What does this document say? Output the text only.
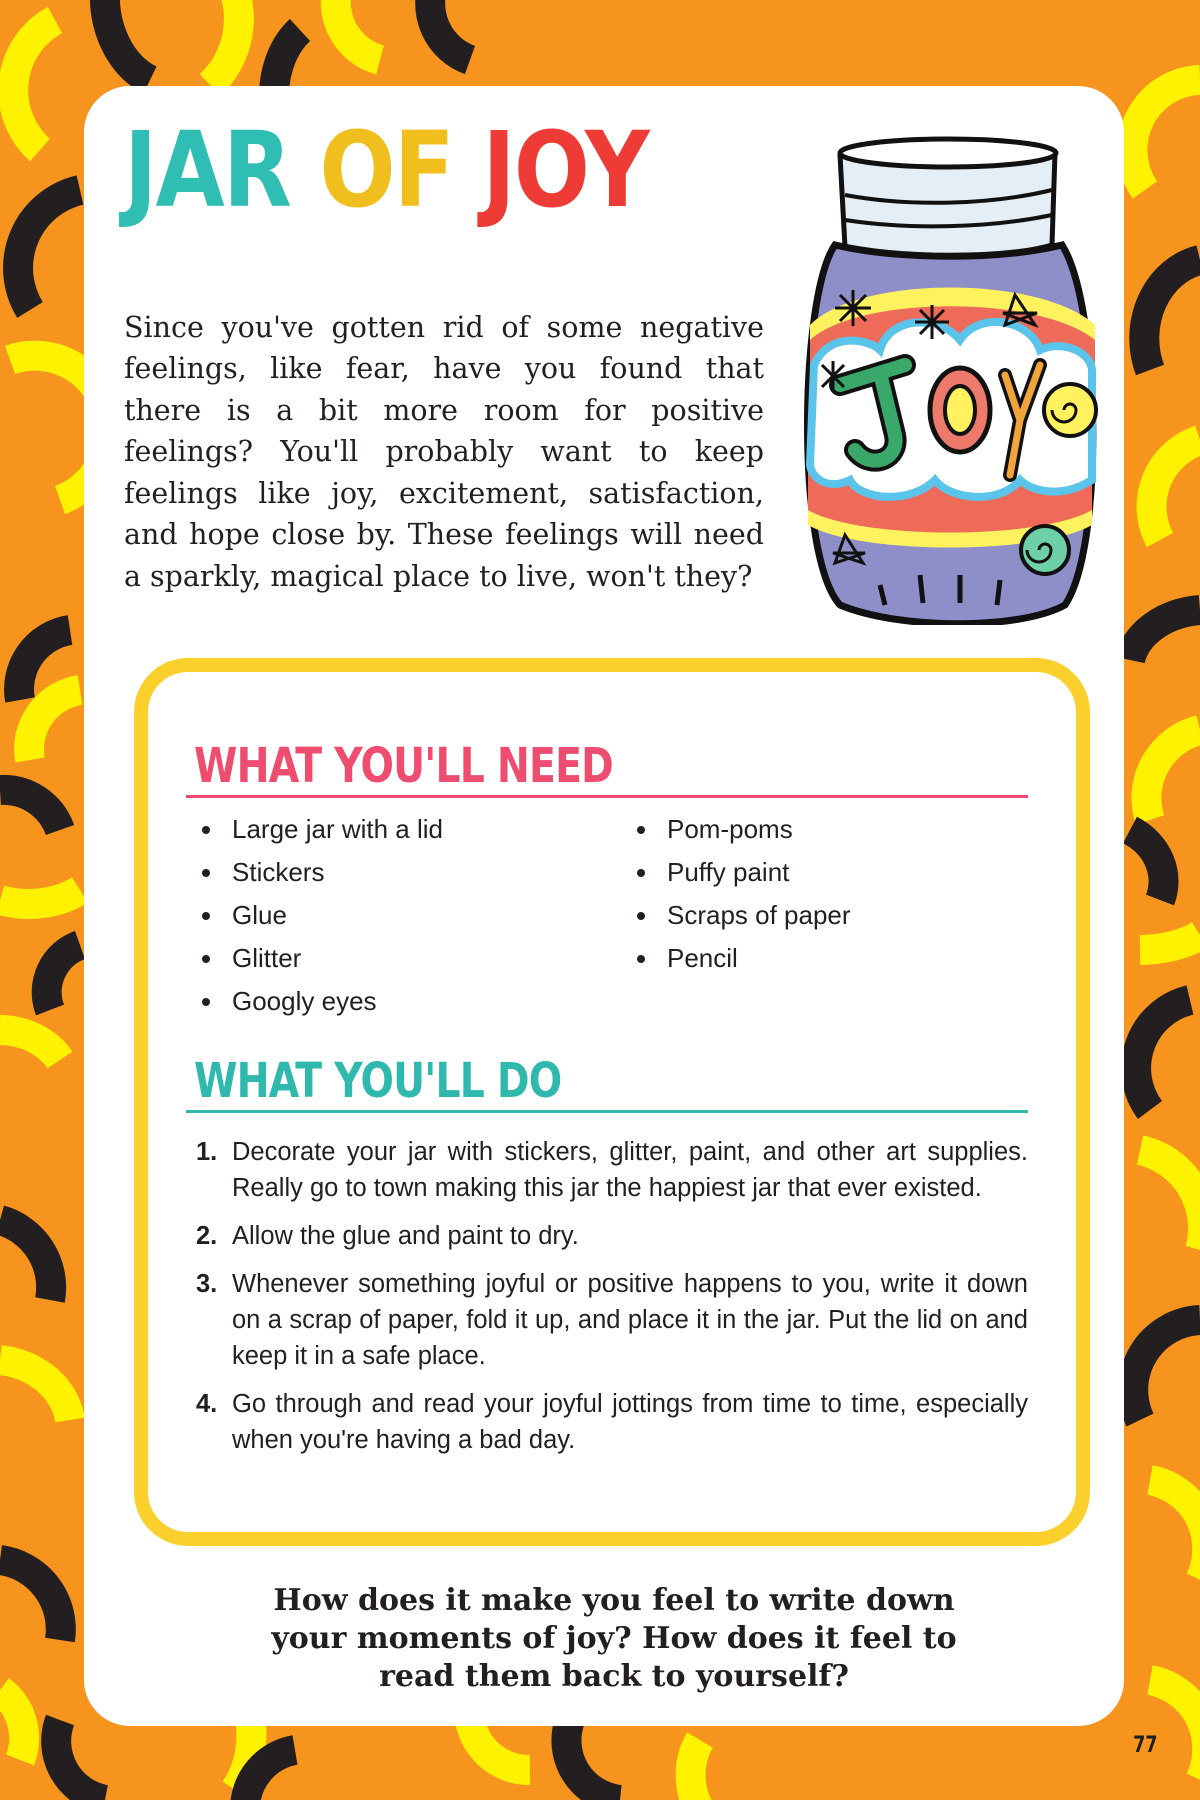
JAR OF JOY

Since you've gotten rid of some negative feelings, like fear, have you found that there is a bit more room for positive feelings? You'll probably want to keep feelings like joy, excitement, satisfaction, and hope close by. These feelings will need a sparkly, magical place to live, won't they?

WHAT YOU'LL NEED
Large jar with a lid
Stickers
Glue
Glitter
Googly eyes
Pom-poms
Puffy paint
Scraps of paper
Pencil
WHAT YOU'LL DO
1. Decorate your jar with stickers, glitter, paint, and other art supplies. Really go to town making this jar the happiest jar that ever existed.
2. Allow the glue and paint to dry.
3. Whenever something joyful or positive happens to you, write it down on a scrap of paper, fold it up, and place it in the jar. Put the lid on and keep it in a safe place.
4. Go through and read your joyful jottings from time to time, especially when you're having a bad day.
How does it make you feel to write down
your moments of joy? How does it feel to
read them back to yourself?
77
